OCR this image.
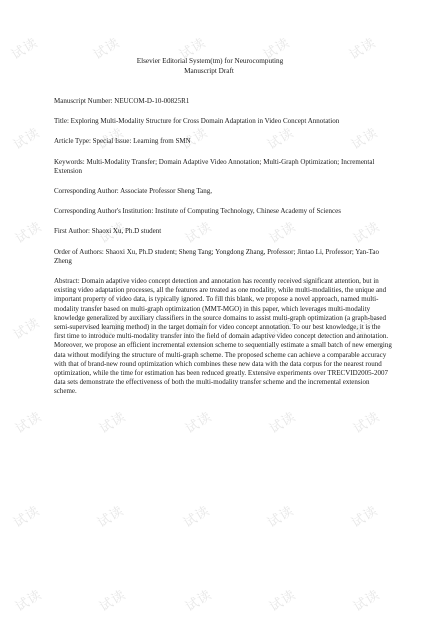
试读	试读	试读	试读	试读
试读	试读	试读	试读	试读
试读	试读	试读	试读	试读
试读	试读	试读	试读	试读
试读	试读	试读	试读	试读
试读	试读	试读	试读	试读
试读	试读	试读	试读	试读
Elsevier Editorial System(tm) for Neurocomputing
Manuscript Draft
Manuscript Number: NEUCOM-D-10-00825R1
Title: Exploring Multi-Modality Structure for Cross Domain Adaptation in Video Concept Annotation
Article Type: Special Issue: Learning from SMN
Keywords: Multi-Modality Transfer; Domain Adaptive Video Annotation; Multi-Graph Optimization; Incremental Extension
Corresponding Author: Associate Professor Sheng Tang,
Corresponding Author's Institution: Institute of Computing Technology, Chinese Academy of Sciences
First Author: Shaoxi Xu, Ph.D student
Order of Authors: Shaoxi Xu, Ph.D student; Sheng Tang; Yongdong Zhang, Professor; Jintao Li, Professor; Yan-Tao Zheng
Abstract: Domain adaptive video concept detection and annotation has recently received significant attention, but in existing video adaptation processes, all the features are treated as one modality, while multi-modalities, the unique and important property of video data, is typically ignored. To fill this blank, we propose a novel approach, named multi-modality transfer based on multi-graph optimization (MMT-MGO) in this paper, which leverages multi-modality knowledge generalized by auxiliary classifiers in the source domains to assist multi-graph optimization (a graph-based semi-supervised learning method) in the target domain for video concept annotation. To our best knowledge, it is the first time to introduce multi-modality transfer into the field of domain adaptive video concept detection and annotation. Moreover, we propose an efficient incremental extension scheme to sequentially estimate a small batch of new emerging data without modifying the structure of multi-graph scheme. The proposed scheme can achieve a comparable accuracy with that of brand-new round optimization which combines these new data with the data corpus for the nearest round optimization, while the time for estimation has been reduced greatly. Extensive experiments over TRECVID2005-2007 data sets demonstrate the effectiveness of both the multi-modality transfer scheme and the incremental extension scheme.
